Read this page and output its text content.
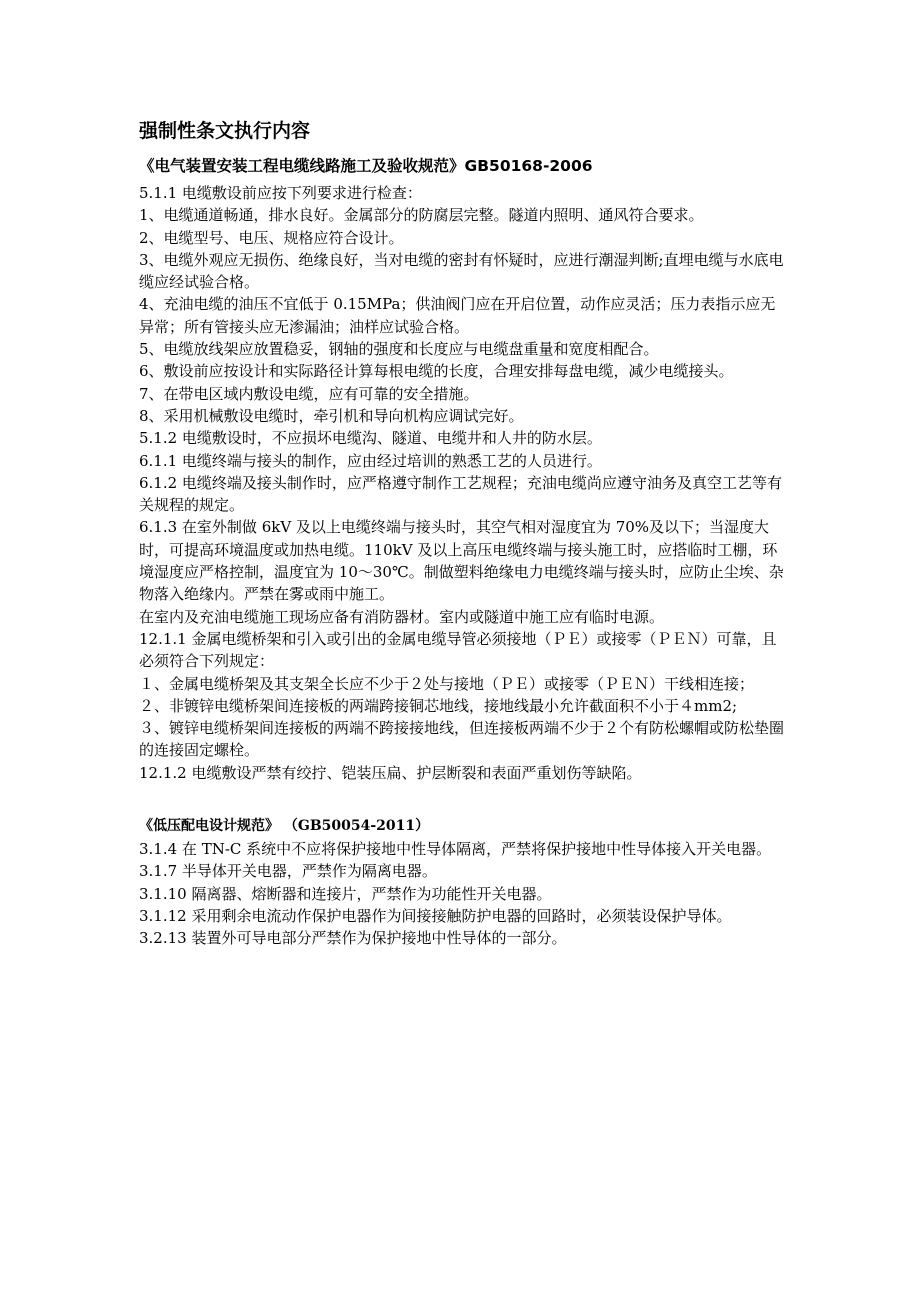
强制性条文执行内容
《电气装置安装工程电缆线路施工及验收规范》GB50168-2006

5.1.1 电缆敷设前应按下列要求进行检查：

1、电缆通道畅通，排水良好。金属部分的防腐层完整。隧道内照明、通风符合要求。

2、电缆型号、电压、规格应符合设计。

3、电缆外观应无损伤、绝缘良好，当对电缆的密封有怀疑时，应进行潮湿判断;直埋电缆与水底电缆应经试验合格。

4、充油电缆的油压不宜低于 0.15MPa；供油阀门应在开启位置，动作应灵活；压力表指示应无异常；所有管接头应无渗漏油；油样应试验合格。

5、电缆放线架应放置稳妥，钢轴的强度和长度应与电缆盘重量和宽度相配合。

6、敷设前应按设计和实际路径计算每根电缆的长度，合理安排每盘电缆，减少电缆接头。

7、在带电区域内敷设电缆，应有可靠的安全措施。

8、采用机械敷设电缆时，牵引机和导向机构应调试完好。

5.1.2 电缆敷设时，不应损坏电缆沟、隧道、电缆井和人井的防水层。

6.1.1 电缆终端与接头的制作，应由经过培训的熟悉工艺的人员进行。

6.1.2 电缆终端及接头制作时，应严格遵守制作工艺规程；充油电缆尚应遵守油务及真空工艺等有关规程的规定。

6.1.3 在室外制做 6kV 及以上电缆终端与接头时，其空气相对湿度宜为 70%及以下；当湿度大时，可提高环境温度或加热电缆。110kV 及以上高压电缆终端与接头施工时，应搭临时工棚，环境湿度应严格控制，温度宜为 10～30℃。制做塑料绝缘电力电缆终端与接头时，应防止尘埃、杂物落入绝缘内。严禁在雾或雨中施工。

在室内及充油电缆施工现场应备有消防器材。室内或隧道中施工应有临时电源。

12.1.1 金属电缆桥架和引入或引出的金属电缆导管必须接地（ＰＥ）或接零（ＰＥＮ）可靠，且必须符合下列规定：

１、金属电缆桥架及其支架全长应不少于２处与接地（ＰＥ）或接零（ＰＥＮ）干线相连接；

２、非镀锌电缆桥架间连接板的两端跨接铜芯地线，接地线最小允许截面积不小于４mm2;

３、镀锌电缆桥架间连接板的两端不跨接接地线，但连接板两端不少于２个有防松螺帽或防松垫圈的连接固定螺栓。

12.1.2 电缆敷设严禁有绞拧、铠装压扁、护层断裂和表面严重划伤等缺陷。

《低压配电设计规范》 （GB50054-2011）

3.1.4 在 TN-C 系统中不应将保护接地中性导体隔离，严禁将保护接地中性导体接入开关电器。

3.1.7 半导体开关电器，严禁作为隔离电器。

3.1.10 隔离器、熔断器和连接片，严禁作为功能性开关电器。

3.1.12 采用剩余电流动作保护电器作为间接接触防护电器的回路时，必须装设保护导体。

3.2.13 装置外可导电部分严禁作为保护接地中性导体的一部分。
